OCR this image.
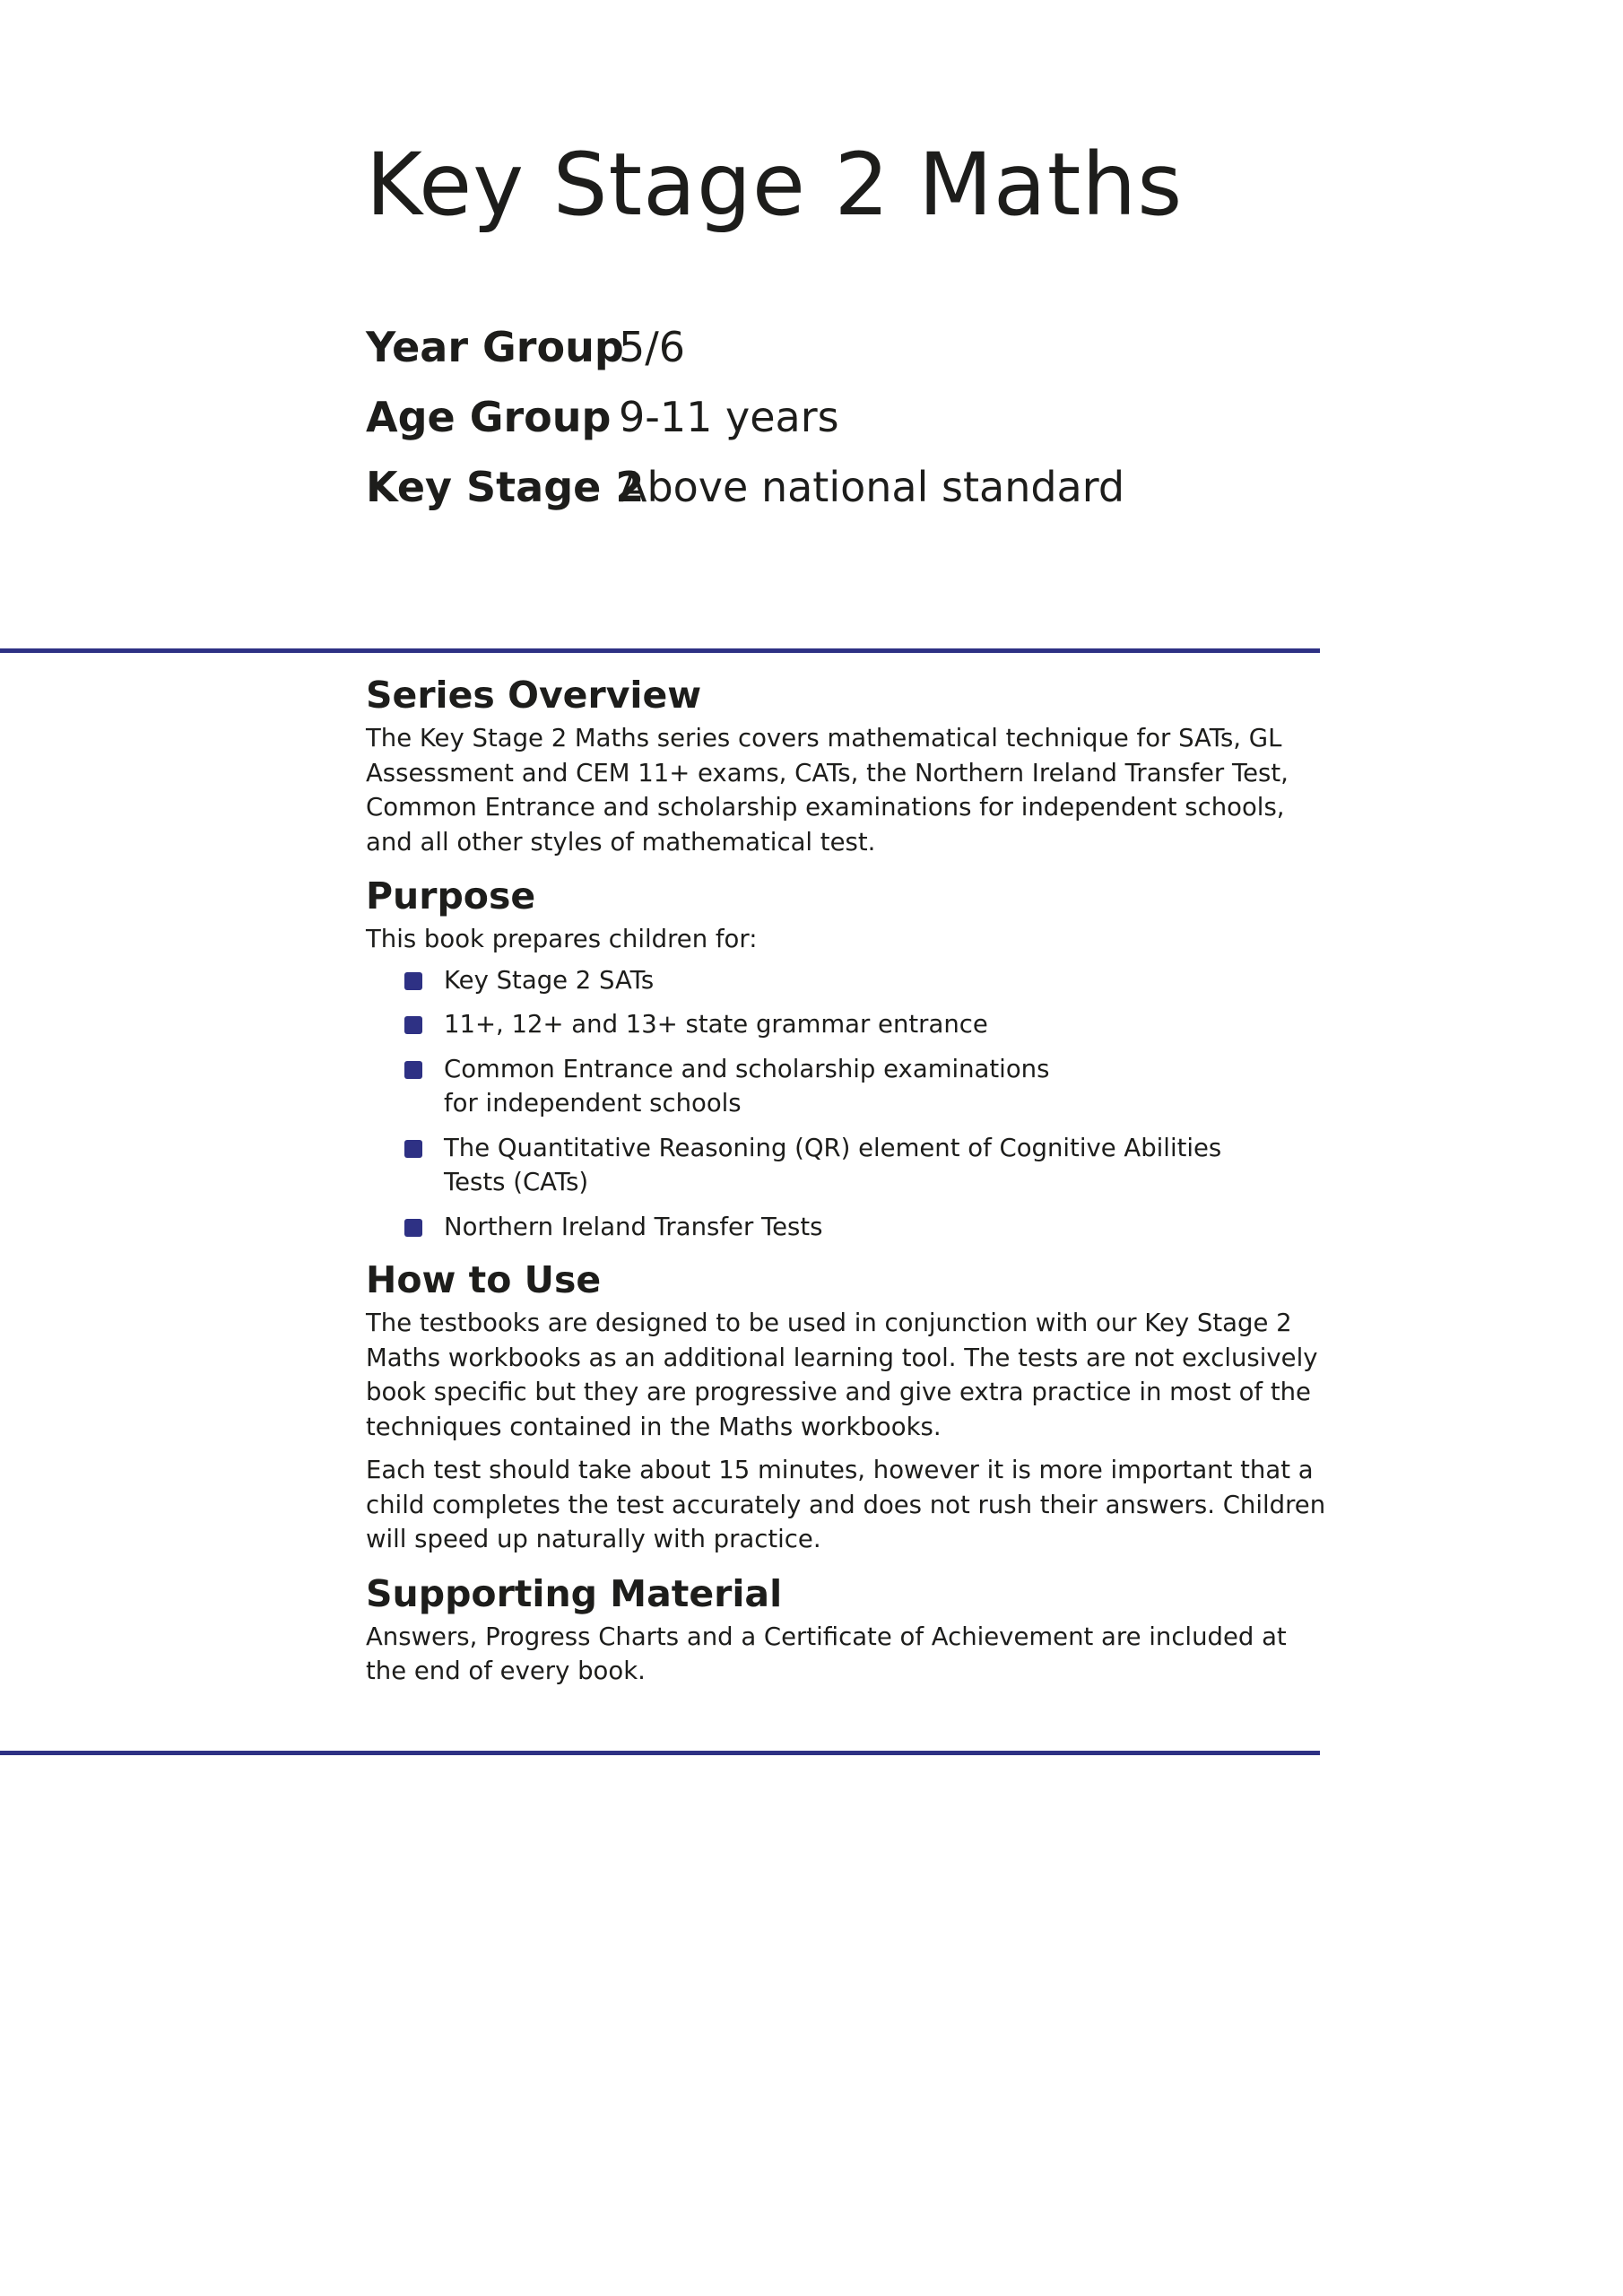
Key Stage 2 Maths
Year Group
5/6
Age Group 9-11 years
Key Stage 2
Above national standard
Series Overview

The Key Stage 2 Maths series covers mathematical technique for SATs, GL
Assessment and CEM 11+ exams, CATs, the Northern Ireland Transfer Test,
Common Entrance and scholarship examinations for independent schools,
and all other styles of mathematical test.

Purpose

This book prepares children for:

Key Stage 2 SATs
11+, 12+ and 13+ state grammar entrance
Common Entrance and scholarship examinations
for independent schools
The Quantitative Reasoning (QR) element of Cognitive Abilities
Tests (CATs)
Northern Ireland Transfer Tests
How to Use

The testbooks are designed to be used in conjunction with our Key Stage 2
Maths workbooks as an additional learning tool. The tests are not exclusively
book specific but they are progressive and give extra practice in most of the
techniques contained in the Maths workbooks.

Each test should take about 15 minutes, however it is more important that a
child completes the test accurately and does not rush their answers. Children
will speed up naturally with practice.

Supporting Material

Answers, Progress Charts and a Certificate of Achievement are included at
the end of every book.
